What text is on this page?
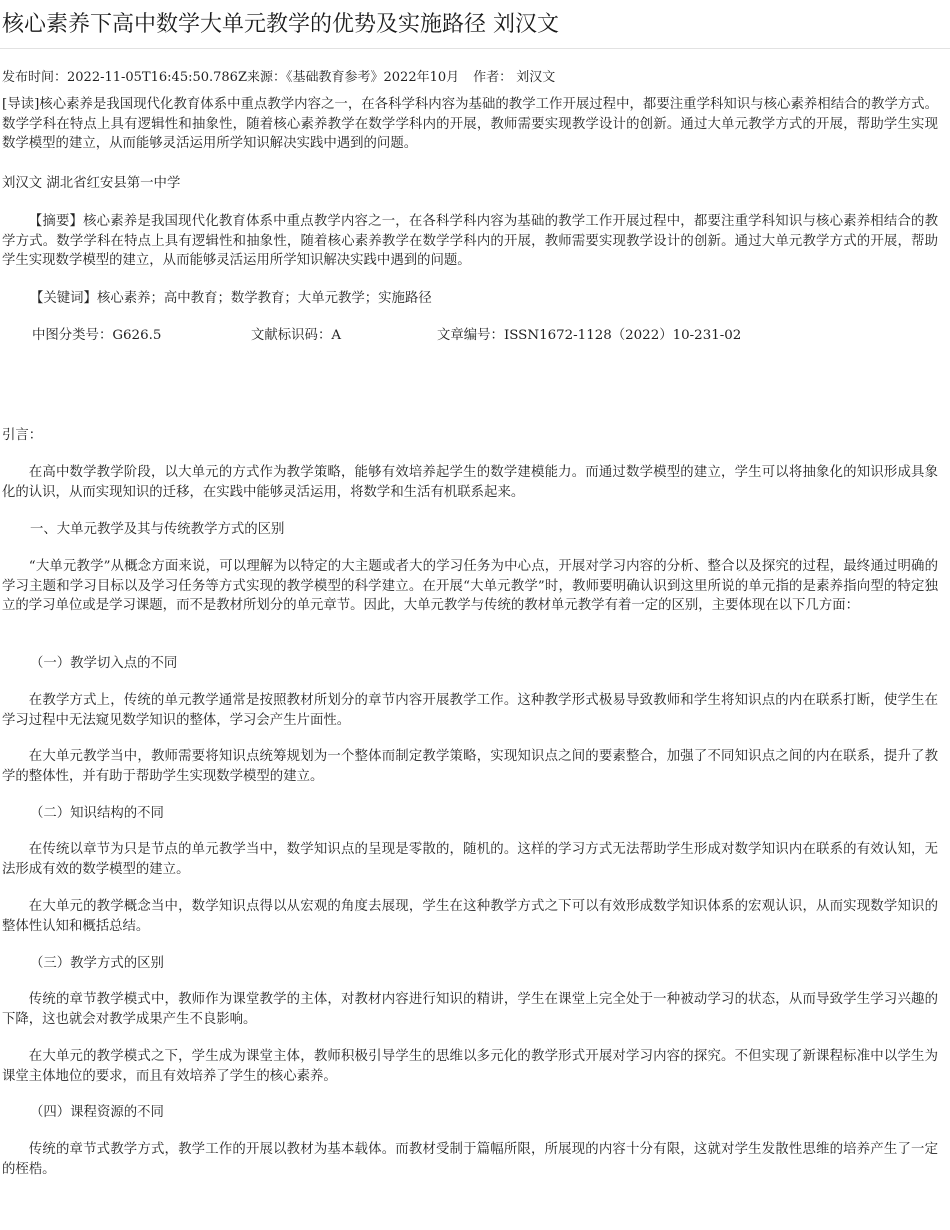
核心素养下高中数学大单元教学的优势及实施路径 刘汉文
发布时间：2022-11-05T16:45:50.786Z来源：《基础教育参考》2022年10月 作者： 刘汉文
[导读]核心素养是我国现代化教育体系中重点教学内容之一，在各科学科内容为基础的教学工作开展过程中，都要注重学科知识与核心素养相结合的教学方式。数学学科在特点上具有逻辑性和抽象性，随着核心素养教学在数学学科内的开展，教师需要实现教学设计的创新。通过大单元教学方式的开展，帮助学生实现数学模型的建立，从而能够灵活运用所学知识解决实践中遇到的问题。
刘汉文 湖北省红安县第一中学
【摘要】核心素养是我国现代化教育体系中重点教学内容之一，在各科学科内容为基础的教学工作开展过程中，都要注重学科知识与核心素养相结合的教学方式。数学学科在特点上具有逻辑性和抽象性，随着核心素养教学在数学学科内的开展，教师需要实现教学设计的创新。通过大单元教学方式的开展，帮助学生实现数学模型的建立，从而能够灵活运用所学知识解决实践中遇到的问题。
【关键词】核心素养；高中教育；数学教育；大单元教学；实施路径
中图分类号：G626.5	文献标识码：A	文章编号：ISSN1672-1128（2022）10-231-02
引言：
在高中数学教学阶段，以大单元的方式作为教学策略，能够有效培养起学生的数学建模能力。而通过数学模型的建立，学生可以将抽象化的知识形成具象化的认识，从而实现知识的迁移，在实践中能够灵活运用，将数学和生活有机联系起来。
一、大单元教学及其与传统教学方式的区别
“大单元教学”从概念方面来说，可以理解为以特定的大主题或者大的学习任务为中心点，开展对学习内容的分析、整合以及探究的过程，最终通过明确的学习主题和学习目标以及学习任务等方式实现的教学模型的科学建立。在开展“大单元教学”时，教师要明确认识到这里所说的单元指的是素养指向型的特定独立的学习单位或是学习课题，而不是教材所划分的单元章节。因此，大单元教学与传统的教材单元教学有着一定的区别，主要体现在以下几方面：
（一）教学切入点的不同
在教学方式上，传统的单元教学通常是按照教材所划分的章节内容开展教学工作。这种教学形式极易导致教师和学生将知识点的内在联系打断，使学生在学习过程中无法窥见数学知识的整体，学习会产生片面性。
在大单元教学当中，教师需要将知识点统筹规划为一个整体而制定教学策略，实现知识点之间的要素整合，加强了不同知识点之间的内在联系，提升了教学的整体性，并有助于帮助学生实现数学模型的建立。
（二）知识结构的不同
在传统以章节为只是节点的单元教学当中，数学知识点的呈现是零散的，随机的。这样的学习方式无法帮助学生形成对数学知识内在联系的有效认知，无法形成有效的数学模型的建立。
在大单元的教学概念当中，数学知识点得以从宏观的角度去展现，学生在这种教学方式之下可以有效形成数学知识体系的宏观认识，从而实现数学知识的整体性认知和概括总结。
（三）教学方式的区别
传统的章节教学模式中，教师作为课堂教学的主体，对教材内容进行知识的精讲，学生在课堂上完全处于一种被动学习的状态，从而导致学生学习兴趣的下降，这也就会对教学成果产生不良影响。
在大单元的教学模式之下，学生成为课堂主体，教师积极引导学生的思维以多元化的教学形式开展对学习内容的探究。不但实现了新课程标准中以学生为课堂主体地位的要求，而且有效培养了学生的核心素养。
（四）课程资源的不同
传统的章节式教学方式，教学工作的开展以教材为基本载体。而教材受制于篇幅所限，所展现的内容十分有限，这就对学生发散性思维的培养产生了一定的桎梏。
